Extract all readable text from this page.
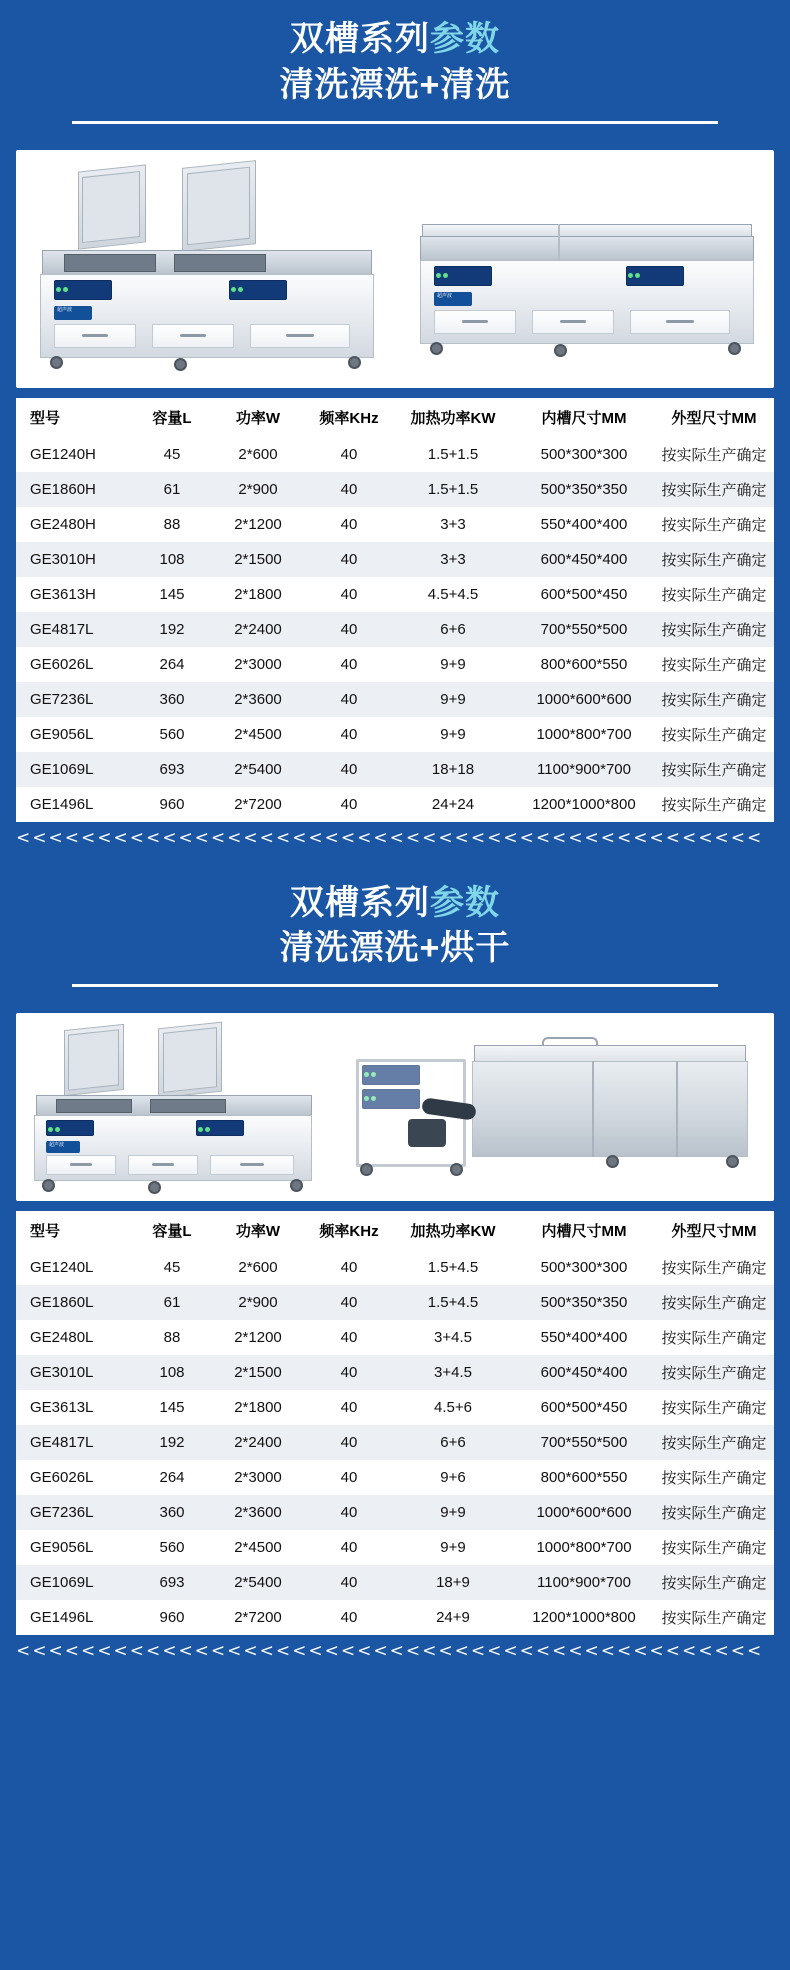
双槽系列参数
清洗漂洗+清洗
超声波
超声波
型号	容量L	功率W	频率KHz	加热功率KW	内槽尺寸MM	外型尺寸MM
GE1240H	45	2*600	40	1.5+1.5	500*300*300	按实际生产确定
GE1860H	61	2*900	40	1.5+1.5	500*350*350	按实际生产确定
GE2480H	88	2*1200	40	3+3	550*400*400	按实际生产确定
GE3010H	108	2*1500	40	3+3	600*450*400	按实际生产确定
GE3613H	145	2*1800	40	4.5+4.5	600*500*450	按实际生产确定
GE4817L	192	2*2400	40	6+6	700*550*500	按实际生产确定
GE6026L	264	2*3000	40	9+9	800*600*550	按实际生产确定
GE7236L	360	2*3600	40	9+9	1000*600*600	按实际生产确定
GE9056L	560	2*4500	40	9+9	1000*800*700	按实际生产确定
GE1069L	693	2*5400	40	18+18	1100*900*700	按实际生产确定
GE1496L	960	2*7200	40	24+24	1200*1000*800	按实际生产确定
<<<<<<<<<<<<<<<<<<<<<<<<<<<<<<<<<<<<<<<<<<<<<<
双槽系列参数
清洗漂洗+烘干
超声波
型号	容量L	功率W	频率KHz	加热功率KW	内槽尺寸MM	外型尺寸MM
GE1240L	45	2*600	40	1.5+4.5	500*300*300	按实际生产确定
GE1860L	61	2*900	40	1.5+4.5	500*350*350	按实际生产确定
GE2480L	88	2*1200	40	3+4.5	550*400*400	按实际生产确定
GE3010L	108	2*1500	40	3+4.5	600*450*400	按实际生产确定
GE3613L	145	2*1800	40	4.5+6	600*500*450	按实际生产确定
GE4817L	192	2*2400	40	6+6	700*550*500	按实际生产确定
GE6026L	264	2*3000	40	9+6	800*600*550	按实际生产确定
GE7236L	360	2*3600	40	9+9	1000*600*600	按实际生产确定
GE9056L	560	2*4500	40	9+9	1000*800*700	按实际生产确定
GE1069L	693	2*5400	40	18+9	1100*900*700	按实际生产确定
GE1496L	960	2*7200	40	24+9	1200*1000*800	按实际生产确定
<<<<<<<<<<<<<<<<<<<<<<<<<<<<<<<<<<<<<<<<<<<<<<
